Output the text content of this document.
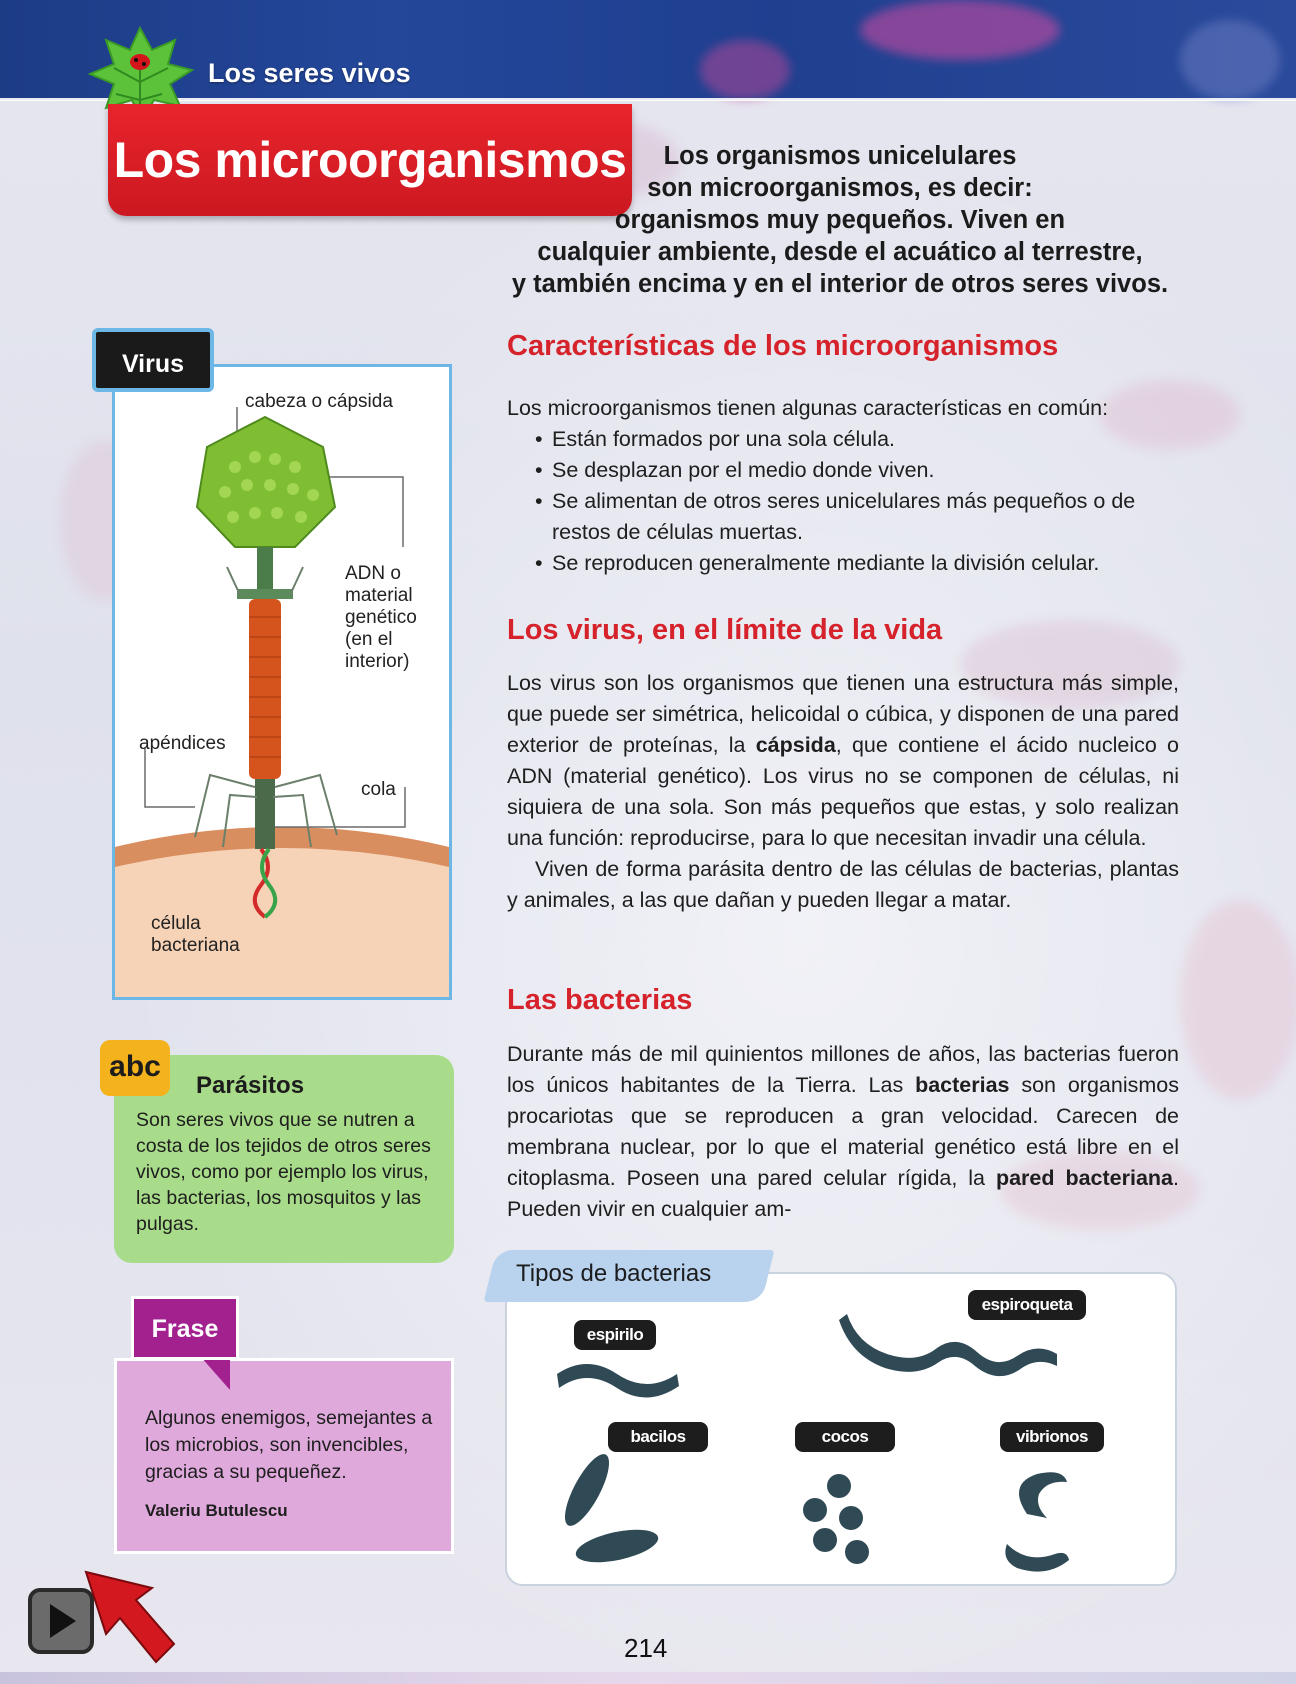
Los seres vivos
Los microorganismos	Los organismos unicelulares
son microorganismos, es decir:
organismos muy pequeños. Viven en
cualquier ambiente, desde el acuático al terrestre,
y también encima y en el interior de otros seres vivos.
Características de los microorganismos

Los microorganismos tienen algunas características en común:

• Están formados por una sola célula.
• Se desplazan por el medio donde viven.
• Se alimentan de otros seres unicelulares más pequeños o de restos de células muertas.
• Se reproducen generalmente mediante la división celular.
Los virus, en el límite de la vida

Los virus son los organismos que tienen una estructura más simple, que puede ser simétrica, helicoidal o cúbica, y disponen de una pared exterior de proteínas, la cápsida, que contiene el ácido nucleico o ADN (material genético). Los virus no se componen de células, ni siquiera de una sola. Son más pequeños que estas, y solo realizan una función: reproducirse, para lo que necesitan invadir una célula.

Viven de forma parásita dentro de las células de bacterias, plantas y animales, a las que dañan y pueden llegar a matar.

Las bacterias

Durante más de mil quinientos millones de años, las bacterias fueron los únicos habitantes de la Tierra. Las bacterias son organismos procariotas que se reproducen a gran velocidad. Carecen de membrana nuclear, por lo que el material genético está libre en el citoplasma. Poseen una pared celular rígida, la pared bacteriana. Pueden vivir en cualquier am-

cabeza o cápsida
ADN o
material
genético
(en el
interior)
apéndices
cola
célula
bacteriana
Virus
abc
Parásitos
Son seres vivos que se nutren a costa de los tejidos de otros seres vivos, como por ejemplo los virus, las bacterias, los mosquitos y las pulgas.
Frase
Algunos enemigos, semejantes a los microbios, son invencibles, gracias a su pequeñez.
Valeriu Butulescu
Tipos de bacterias
espirilo
espiroqueta
bacilos	cocos	vibrionos
214
